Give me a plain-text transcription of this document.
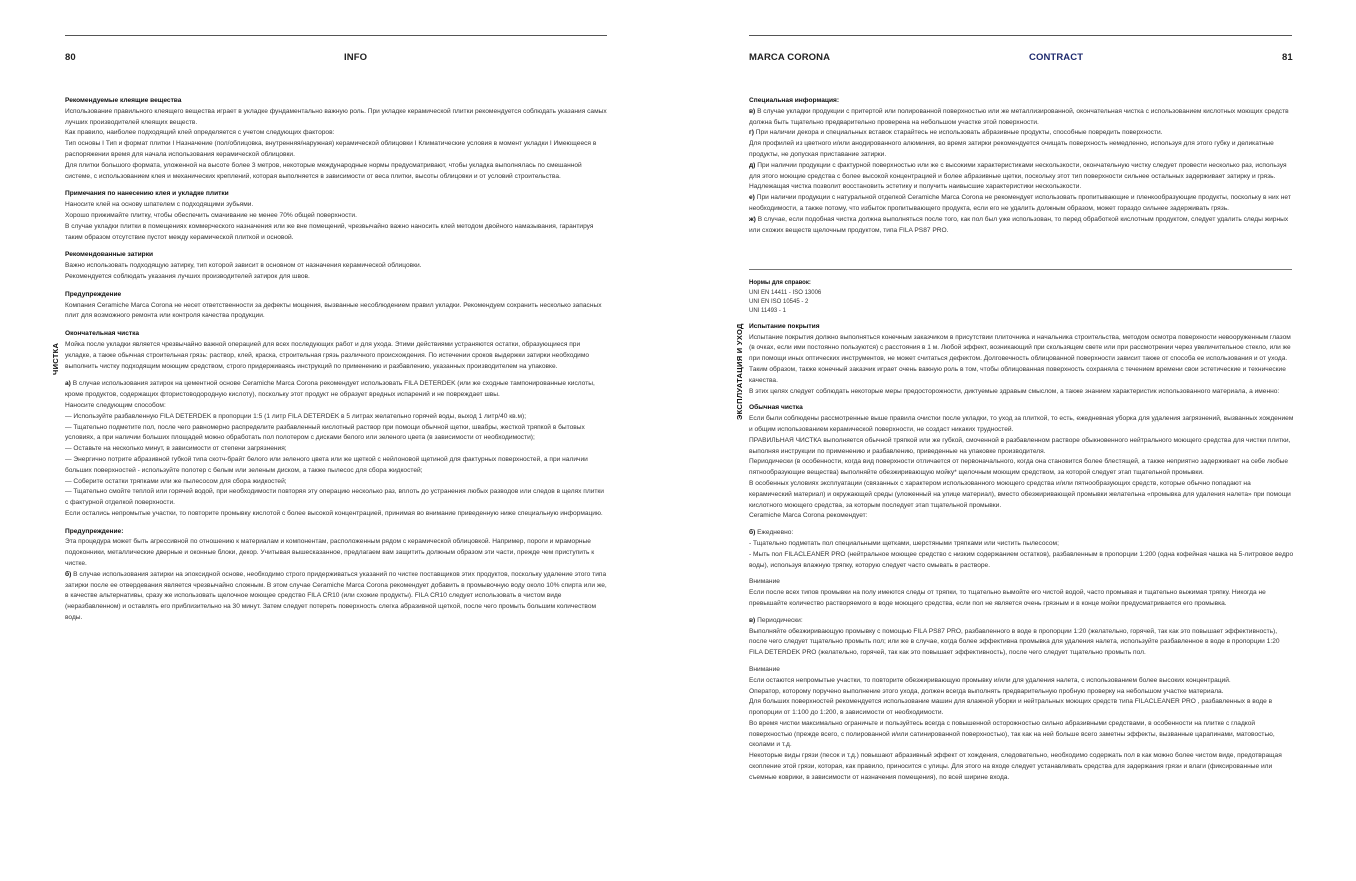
80	INFO
ЧИСТКА

Рекомендуемые клеящие вещества

Использование правильного клеящего вещества играет в укладке фундаментально важную роль. При укладке керамической плитки рекомендуется соблюдать указания самых лучших производителей клеящих веществ.

Как правило, наиболее подходящий клей определяется с учетом следующих факторов:

Тип основы I Тип и формат плитки I Назначение (пол/облицовка, внутренняя/наружная) керамической облицовки I Климатические условия в момент укладки I Имеющееся в распоряжении время для начала использования керамической облицовки.

Для плитки большого формата, уложенной на высоте более 3 метров, некоторые международные нормы предусматривают, чтобы укладка выполнялась по смешанной системе, с использованием клея и механических креплений, которая выполняется в зависимости от веса плитки, высоты облицовки и от условий строительства.

Примечания по нанесению клея и укладке плитки

Наносите клей на основу шпателем с подходящими зубьями.

Хорошо прижимайте плитку, чтобы обеспечить смачивание не менее 70% общей поверхности.

В случае укладки плитки в помещениях коммерческого назначения или же вне помещений, чрезвычайно важно наносить клей методом двойного намазывания, гарантируя таким образом отсутствие пустот между керамической плиткой и основой.

Рекомендованные затирки

Важно использовать подходящую затирку, тип которой зависит в основном от назначения керамической облицовки.

Рекомендуется соблюдать указания лучших производителей затирок для швов.

Предупреждение

Компания Ceramiche Marca Corona не несет ответственности за дефекты мощения, вызванные несоблюдением правил укладки. Рекомендуем сохранить несколько запасных плит для возможного ремонта или контроля качества продукции.

Окончательная чистка

Мойка после укладки является чрезвычайно важной операцией для всех последующих работ и для ухода. Этими действиями устраняются остатки, образующиеся при укладке, а также обычная строительная грязь: раствор, клей, краска, строительная грязь различного происхождения. По истечении сроков выдержки затирки необходимо выполнить чистку подходящим моющим средством, строго придерживаясь инструкций по применению и разбавлению, указанных производителем на упаковке.

а) В случае использования затирок на цементной основе Ceramiche Marca Corona рекомендует использовать FILA DETERDEK (или же сходные тампонированные кислоты, кроме продуктов, содержащих фтористоводородную кислоту), поскольку этот продукт не образует вредных испарений и не повреждает швы.

Наносите следующим способом:

— Используйте разбавленную FILA DETERDEK в пропорции 1:5 (1 литр FILA DETERDEK в 5 литрах желательно горячей воды, выход 1 литр/40 кв.м);

— Тщательно подметите пол, после чего равномерно распределите разбавленный кислотный раствор при помощи обычной щетки, швабры, жесткой тряпкой в бытовых условиях, а при наличии больших площадей можно обработать пол полотером с дисками белого или зеленого цвета (в зависимости от необходимости);

— Оставьте на несколько минут, в зависимости от степени загрязнения;

— Энергично потрите абразивной губкой типа скотч-брайт белого или зеленого цвета или же щеткой с нейлоновой щетиной для фактурных поверхностей, а при наличии больших поверхностей - используйте полотер с белым или зеленым диском, а также пылесос для сбора жидкостей;

— Соберите остатки тряпками или же пылесосом для сбора жидкостей;

— Тщательно смойте теплой или горячей водой, при необходимости повторяя эту операцию несколько раз, вплоть до устранения любых разводов или следов в щелях плитки с фактурной отделкой поверхности.

Если остались непромытые участки, то повторите промывку кислотой с более высокой концентрацией, принимая во внимание приведенную ниже специальную информацию.

Предупреждение:

Эта процедура может быть агрессивной по отношению к материалам и компонентам, расположенным рядом с керамической облицовкой. Например, пороги и мраморные подоконники, металлические дверные и оконные блоки, декор. Учитывая вышесказанное, предлагаем вам защитить должным образом эти части, прежде чем приступить к чистке.

б) В случае использования затирки на эпоксидной основе, необходимо строго придерживаться указаний по чистке поставщиков этих продуктов, поскольку удаление этого типа затирки после ее отвердевания является чрезвычайно сложным. В этом случае Ceramiche Marca Corona рекомендует добавить в промывочную воду около 10% спирта или же, в качестве альтернативы, сразу же использовать щелочное моющее средство FILA CR10 (или схожие продукты). FILA CR10 следует использовать в чистом виде (неразбавленном) и оставлять его приблизительно на 30 минут. Затем следует потереть поверхность слегка абразивной щеткой, после чего промыть большим количеством воды.

MARCA CORONA	CONTRACT	81
ЭКСПЛУАТАЦИЯ И УХОД

Специальная информация:

в) В случае укладки продукции с притертой или полированной поверхностью или же металлизированной, окончательная чистка с использованием кислотных моющих средств должна быть тщательно предварительно проверена на небольшом участке этой поверхности.

г) При наличии декора и специальных вставок старайтесь не использовать абразивные продукты, способные повредить поверхности.

Для профилей из цветного и/или анодированного алюминия, во время затирки рекомендуется очищать поверхность немедленно, используя для этого губку и деликатные продукты, не допуская приставание затирки.

д) При наличии продукции с фактурной поверхностью или же с высокими характеристиками нескользкости, окончательную чистку следует провести несколько раз, используя для этого моющие средства с более высокой концентрацией и более абразивные щетки, поскольку этот тип поверхности сильнее остальных задерживает затирку и грязь. Надлежащая чистка позволит восстановить эстетику и получить наивысшие характеристики нескользкости.

е) При наличии продукции с натуральной отделкой Ceramiche Marca Corona не рекомендует использовать пропитывающие и пленкообразующие продукты, поскольку в них нет необходимости, а также потому, что избыток пропитывающего продукта, если его не удалить должным образом, может гораздо сильнее задерживать грязь.

ж) В случае, если подобная чистка должна выполняться после того, как пол был уже использован, то перед обработкой кислотным продуктом, следует удалить следы жирных или схожих веществ щелочным продуктом, типа FILA PS87 PRO.

Нормы для справок:

UNI EN 14411 - ISO 13006

UNI EN ISO 10545 - 2

UNI 11493 - 1

Испытание покрытия

Испытание покрытия должно выполняться конечным заказчиком в присутствии плиточника и начальника строительства, методом осмотра поверхности невооруженным глазом (в очках, если ими постоянно пользуются) с расстояния в 1 м. Любой эффект, возникающий при скользящем свете или при рассмотрении через увеличительное стекло, или же при помощи иных оптических инструментов, не может считаться дефектом. Долговечность облицованной поверхности зависит также от способа ее использования и от ухода. Таким образом, также конечный заказчик играет очень важную роль в том, чтобы облицованная поверхность сохраняла с течением времени свои эстетические и технические качества.

В этих целях следует соблюдать некоторые меры предосторожности, диктуемые здравым смыслом, а также знанием характеристик использованного материала, а именно:

Обычная чистка

Если были соблюдены рассмотренные выше правила очистки после укладки, то уход за плиткой, то есть, ежедневная уборка для удаления загрязнений, вызванных хождением и общим использованием керамической поверхности, не создаст никаких трудностей.

ПРАВИЛЬНАЯ ЧИСТКА выполняется обычной тряпкой или же губкой, смоченной в разбавленном растворе обыкновенного нейтрального моющего средства для чистки плитки, выполняя инструкции по применению и разбавлению, приведенные на упаковке производителя.

Периодически (в особенности, когда вид поверхности отличается от первоначального, когда она становится более блестящей, а также неприятно задерживает на себе любые пятнообразующие вещества) выполняйте обезжиривающую мойку* щелочным моющим средством, за которой следует этап тщательной промывки.

В особенных условиях эксплуатации (связанных с характером использованного моющего средства и/или пятнообразующих средств, которые обычно попадают на керамический материал) и окружающей среды (уложенный на улице материал), вместо обезжиривающей промывки желательна «промывка для удаления налета» при помощи кислотного моющего средства, за которым последует этап тщательной промывки.

Ceramiche Marca Corona рекомендует:

б) Ежедневно:

- Тщательно подметать пол специальными щетками, шерстяными тряпками или чистить пылесосом;

- Мыть пол FILACLEANER PRO (нейтральное моющее средство с низким содержанием остатков), разбавленным в пропорции 1:200 (одна кофейная чашка на 5-литровое ведро воды), используя влажную тряпку, которую следует часто смывать в растворе.

Внимание

Если после всех типов промывки на полу имеются следы от тряпки, то тщательно вымойте его чистой водой, часто промывая и тщательно выжимая тряпку. Никогда не превышайте количество растворяемого в воде моющего средства, если пол не является очень грязным и в конце мойки предусматривается его промывка.

в) Периодически:

Выполняйте обезжиривающую промывку с помощью FILA PS87 PRO, разбавленного в воде в пропорции 1:20 (желательно, горячей, так как это повышает эффективность), после чего следует тщательно промыть пол; или же в случае, когда более эффективна промывка для удаления налета, используйте разбавленное в воде в пропорции 1:20 FILA DETERDEK PRO (желательно, горячей, так как это повышает эффективность), после чего следует тщательно промыть пол.

Внимание

Если остаются непромытые участки, то повторите обезжиривающую промывку и/или для удаления налета, с использованием более высоких концентраций.

Оператор, которому поручено выполнение этого ухода, должен всегда выполнять предварительную пробную проверку на небольшом участке материала.

Для больших поверхностей рекомендуется использование машин для влажной уборки и нейтральных моющих средств типа FILACLEANER PRO , разбавленных в воде в пропорции от 1:100 до 1:200, в зависимости от необходимости.

Во время чистки максимально ограничьте и пользуйтесь всегда с повышенной осторожностью сильно абразивными средствами, в особенности на плитке с гладкой поверхностью (прежде всего, с полированной и/или сатинированной поверхностью), так как на ней больше всего заметны эффекты, вызванные царапинами, матовостью, сколами и т.д.

Некоторые виды грязи (песок и т.д.) повышают абразивный эффект от хождения, следовательно, необходимо содержать пол в как можно более чистом виде, предотвращая скопление этой грязи, которая, как правило, приносится с улицы. Для этого на входе следует устанавливать средства для задержания грязи и влаги (фиксированные или съемные коврики, в зависимости от назначения помещения), по всей ширине входа.
